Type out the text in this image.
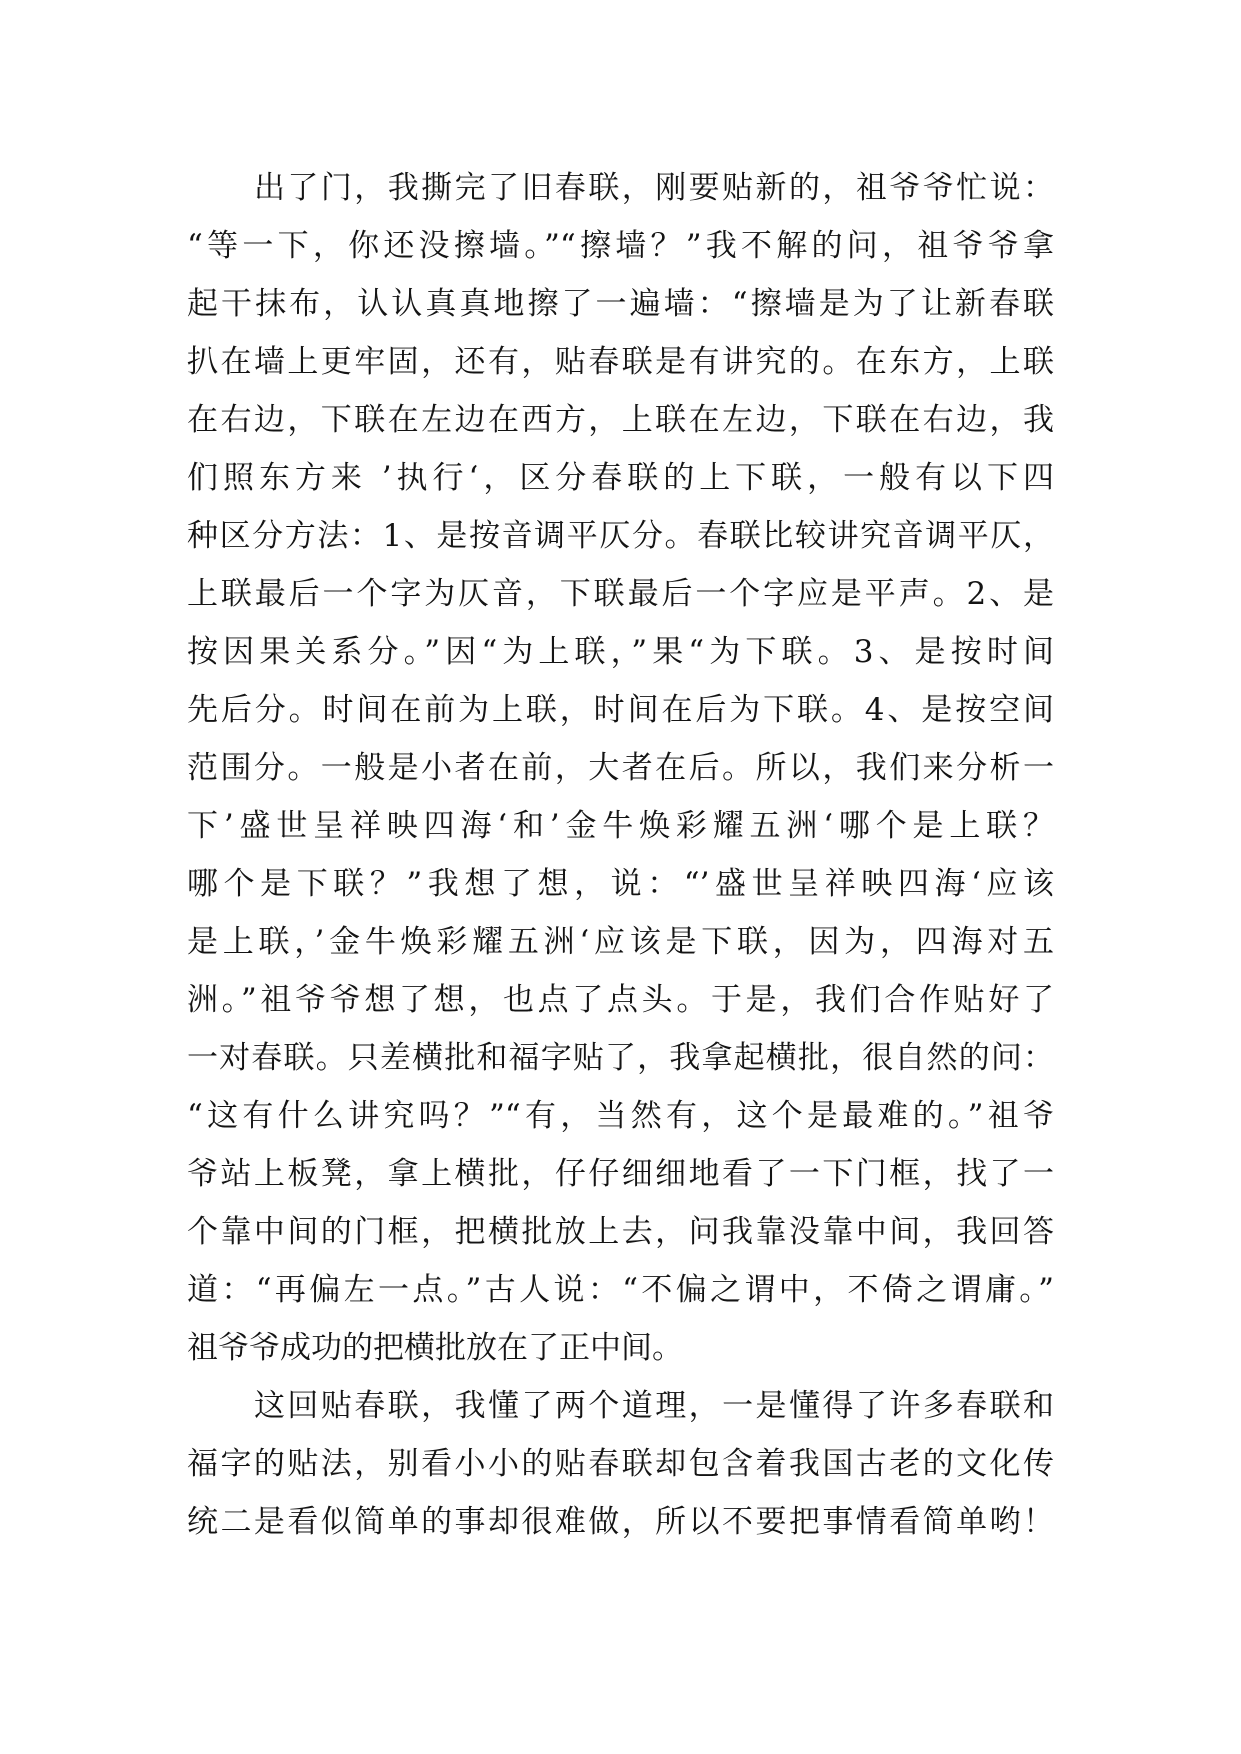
出了门，我撕完了旧春联，刚要贴新的，祖爷爷忙说：
“等一下，你还没擦墙。”“擦墙？”我不解的问，祖爷爷拿
起干抹布，认认真真地擦了一遍墙：“擦墙是为了让新春联
扒在墙上更牢固，还有，贴春联是有讲究的。在东方，上联
在右边，下联在左边在西方，上联在左边，下联在右边，我
们照东方来 ’执行‘，区分春联的上下联，一般有以下四
种区分方法：1、是按音调平仄分。春联比较讲究音调平仄，
上联最后一个字为仄音，下联最后一个字应是平声。2、是
按因果关系分。”因“为上联，”果“为下联。3、是按时间
先后分。时间在前为上联，时间在后为下联。4、是按空间
范围分。一般是小者在前，大者在后。所以，我们来分析一
下’盛世呈祥映四海‘和’金牛焕彩耀五洲‘哪个是上联？
哪个是下联？”我想了想，说：“’盛世呈祥映四海‘应该
是上联，’金牛焕彩耀五洲‘应该是下联，因为，四海对五
洲。”祖爷爷想了想，也点了点头。于是，我们合作贴好了
一对春联。只差横批和福字贴了，我拿起横批，很自然的问：
“这有什么讲究吗？”“有，当然有，这个是最难的。”祖爷
爷站上板凳，拿上横批，仔仔细细地看了一下门框，找了一
个靠中间的门框，把横批放上去，问我靠没靠中间，我回答
道：“再偏左一点。”古人说：“不偏之谓中，不倚之谓庸。”
祖爷爷成功的把横批放在了正中间。
这回贴春联，我懂了两个道理，一是懂得了许多春联和
福字的贴法，别看小小的贴春联却包含着我国古老的文化传
统二是看似简单的事却很难做，所以不要把事情看简单哟！
